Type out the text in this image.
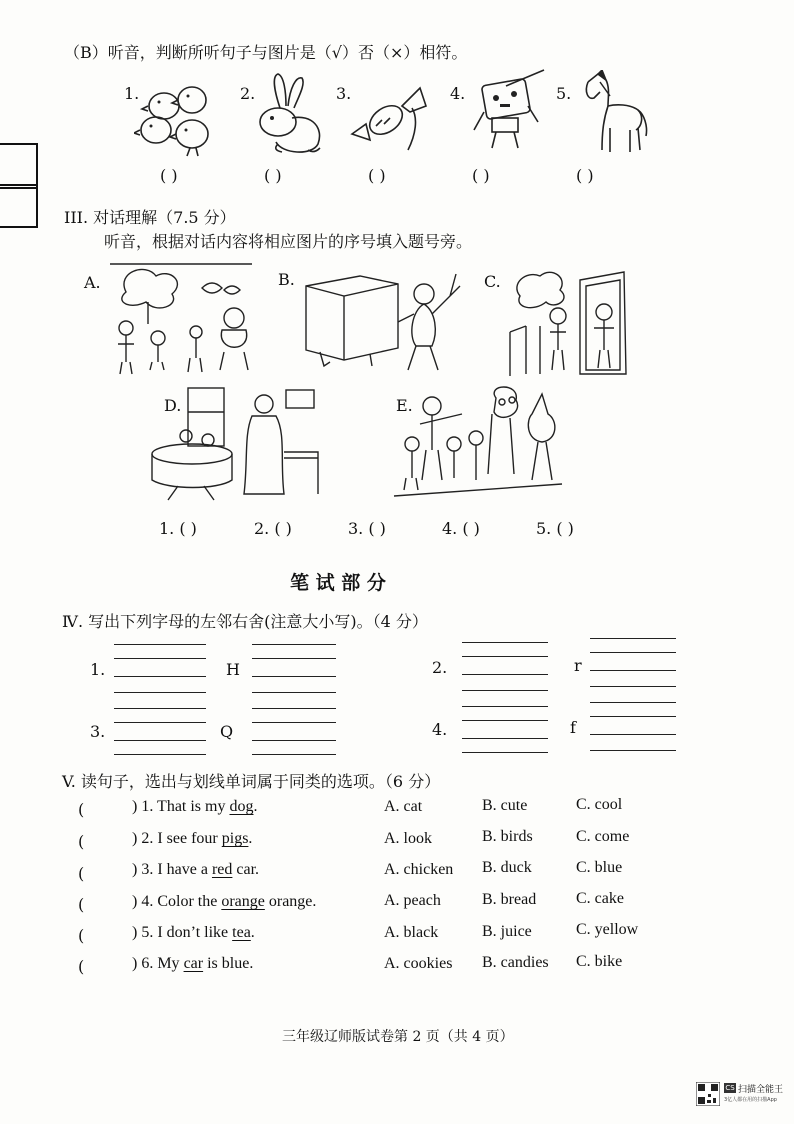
（B）听音，判断所听句子与图片是（√）否（×）相符。
1.	2.	3.	4.	5.
( )	( )	( )	( )	( )
III. 对话理解（7.5 分）
听音，根据对话内容将相应图片的序号填入题号旁。
A.	B.	C.
D.	E.
1. ( )	2. ( )	3. ( )	4. ( )	5. ( )
笔 试 部 分
Ⅳ. 写出下列字母的左邻右舍(注意大小写)。（4 分）
1.	H	2.	r
3.	Q	4.	f
V. 读句子，选出与划线单词属于同类的选项。（6 分）
(	) 1. That is my dog.	A. cat	B. cute	C. cool
(	) 2. I see four pigs.	A. look	B. birds	C. come
(	) 3. I have a red car.	A. chicken B. duck	C. blue
(	) 4. Color the orange orange.	A. peach	B. bread C. cake
(	) 5. I don’t like tea.	A. black	B. juice	C. yellow
(	) 6. My car is blue.	A. cookies B. candies C. bike
三年级辽师版试卷第 2 页（共 4 页）
CS 扫描全能王
3亿人都在用的扫描App
